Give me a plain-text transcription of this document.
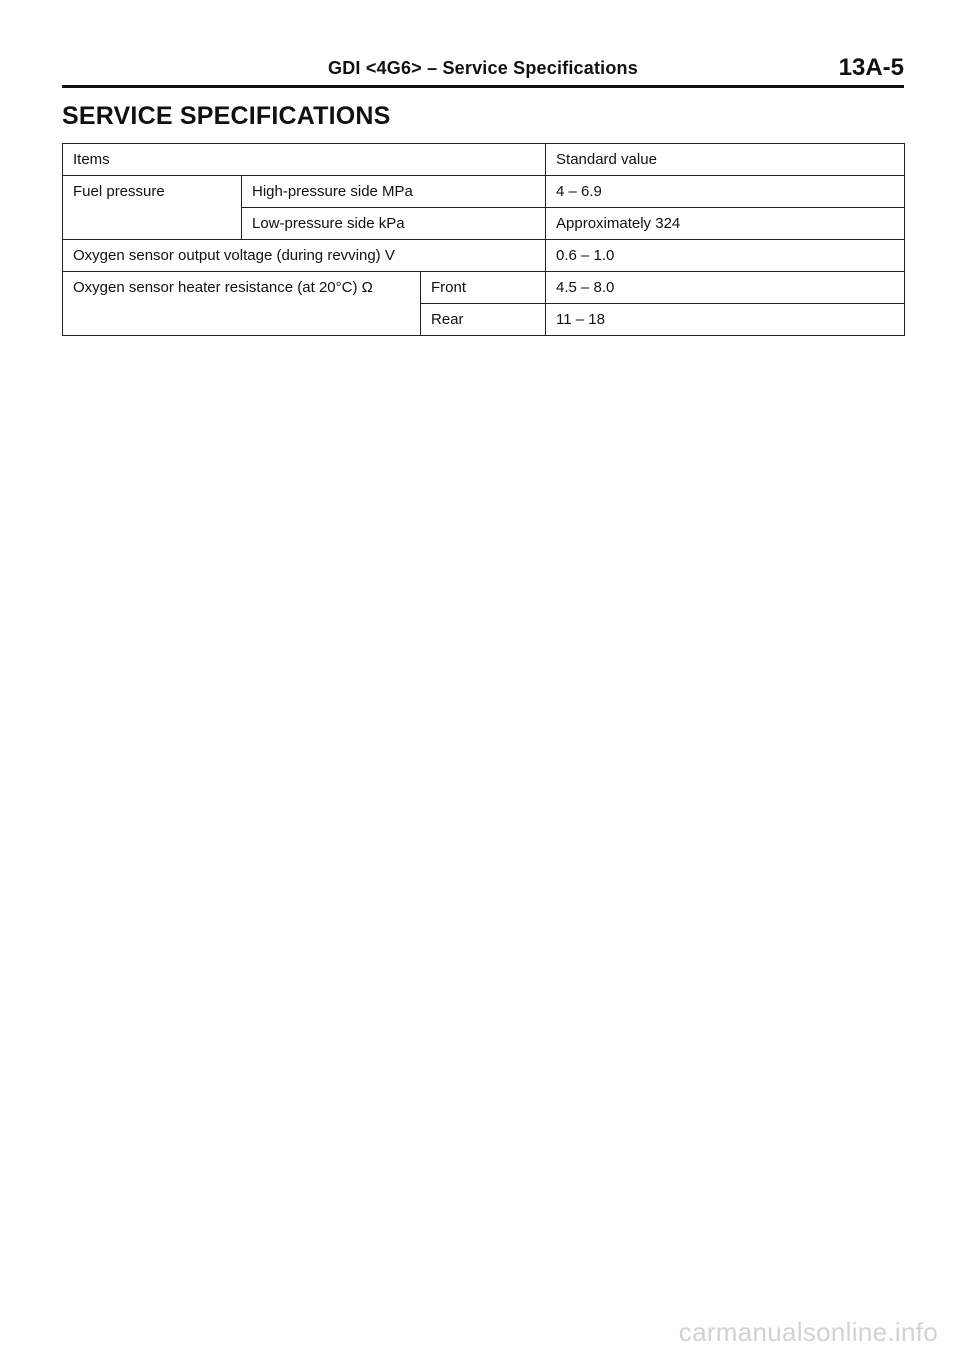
GDI <4G6> – Service Specifications	13A-5
SERVICE SPECIFICATIONS
Items			Standard value
Fuel pressure	High-pressure side MPa		4 – 6.9
	Low-pressure side kPa		Approximately 324
Oxygen sensor output voltage (during revving) V			0.6 – 1.0
Oxygen sensor heater resistance (at 20°C) Ω		Front	4.5 – 8.0
		Rear	11 – 18
carmanualsonline.info
